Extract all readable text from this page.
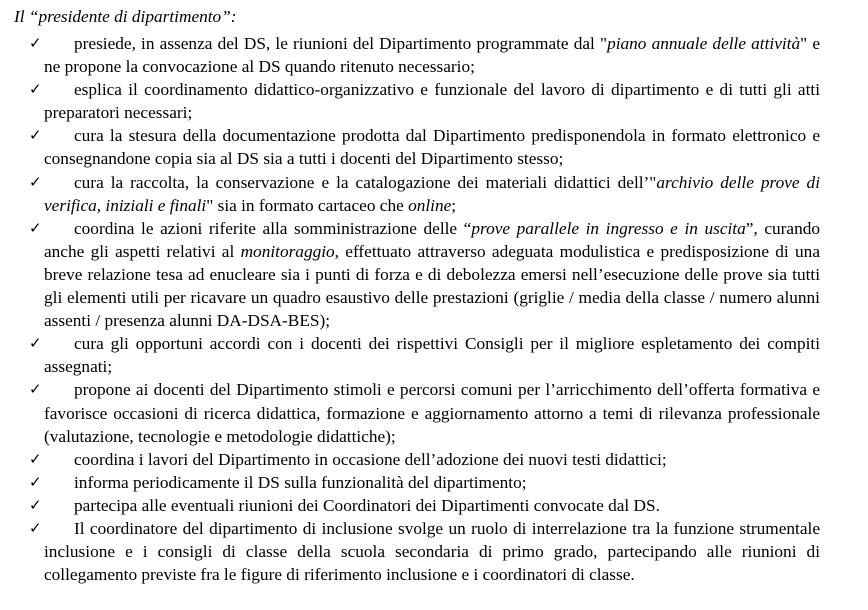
Il “presidente di dipartimento”:
✓ presiede, in assenza del DS, le riunioni del Dipartimento programmate dal "piano annuale delle attività" e ne propone la convocazione al DS quando ritenuto necessario;
✓ esplica il coordinamento didattico-organizzativo e funzionale del lavoro di dipartimento e di tutti gli atti preparatori necessari;
✓ cura la stesura della documentazione prodotta dal Dipartimento predisponendola in formato elettronico e consegnandone copia sia al DS sia a tutti i docenti del Dipartimento stesso;
✓ cura la raccolta, la conservazione e la catalogazione dei materiali didattici dell’"archivio delle prove di verifica, iniziali e finali" sia in formato cartaceo che online;
✓ coordina le azioni riferite alla somministrazione delle “prove parallele in ingresso e in uscita”, curando anche gli aspetti relativi al monitoraggio, effettuato attraverso adeguata modulistica e predisposizione di una breve relazione tesa ad enucleare sia i punti di forza e di debolezza emersi nell’esecuzione delle prove sia tutti gli elementi utili per ricavare un quadro esaustivo delle prestazioni (griglie / media della classe / numero alunni assenti / presenza alunni DA-DSA-BES);
✓ cura gli opportuni accordi con i docenti dei rispettivi Consigli per il migliore espletamento dei compiti assegnati;
✓ propone ai docenti del Dipartimento stimoli e percorsi comuni per l’arricchimento dell’offerta formativa e favorisce occasioni di ricerca didattica, formazione e aggiornamento attorno a temi di rilevanza professionale (valutazione, tecnologie e metodologie didattiche);
✓ coordina i lavori del Dipartimento in occasione dell’adozione dei nuovi testi didattici;
✓ informa periodicamente il DS sulla funzionalità del dipartimento;
✓ partecipa alle eventuali riunioni dei Coordinatori dei Dipartimenti convocate dal DS.
✓ Il coordinatore del dipartimento di inclusione svolge un ruolo di interrelazione tra la funzione strumentale inclusione e i consigli di classe della scuola secondaria di primo grado, partecipando alle riunioni di collegamento previste fra le figure di riferimento inclusione e i coordinatori di classe.
